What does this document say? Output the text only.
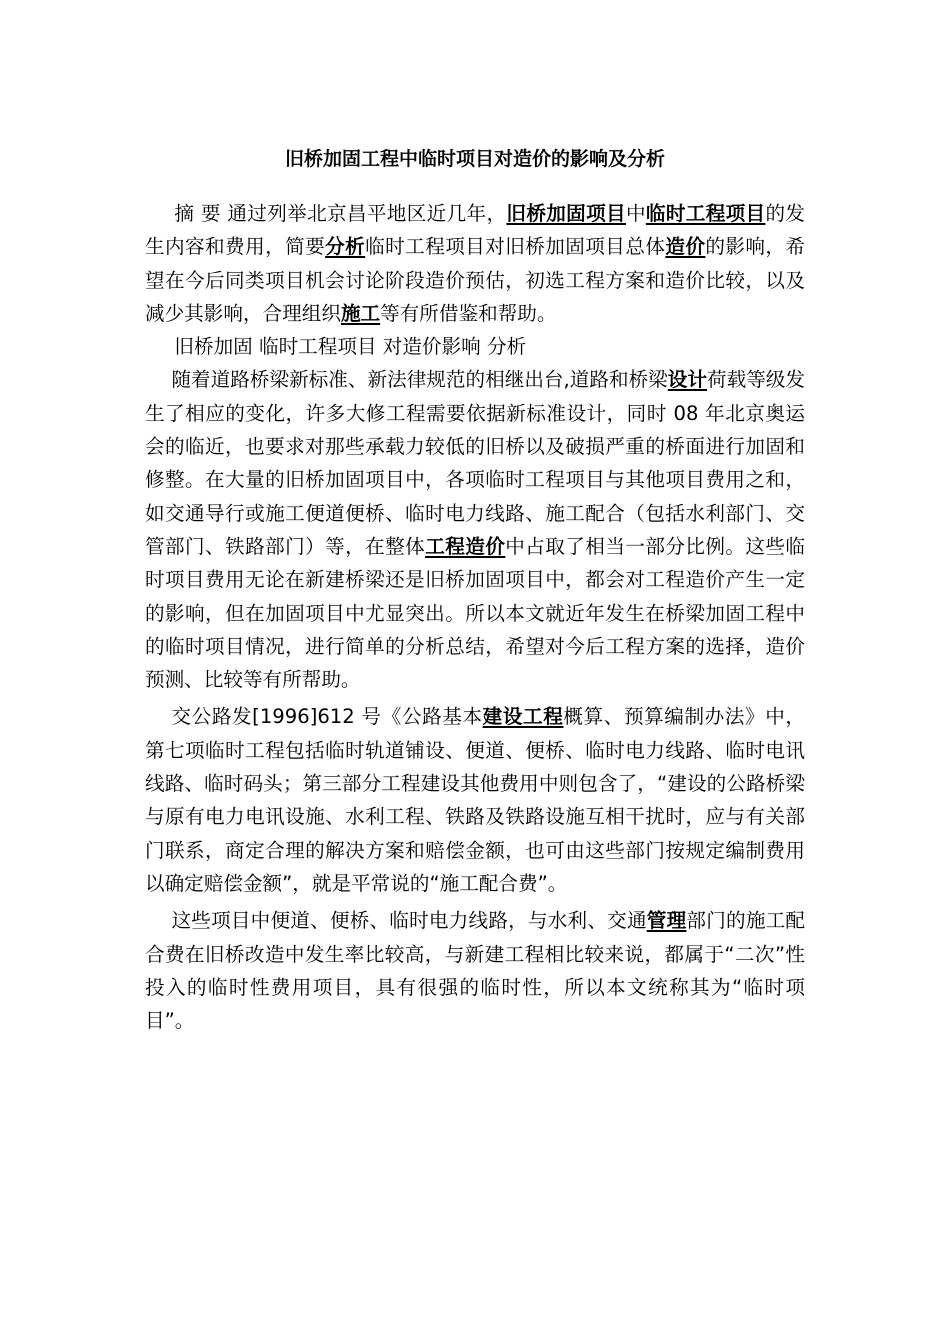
旧桥加固工程中临时项目对造价的影响及分析

摘 要 通过列举北京昌平地区近几年，旧桥加固项目中临时工程项目的发生内容和费用，简要分析临时工程项目对旧桥加固项目总体造价的影响，希望在今后同类项目机会讨论阶段造价预估，初选工程方案和造价比较，以及减少其影响，合理组织施工等有所借鉴和帮助。

旧桥加固 临时工程项目 对造价影响 分析

随着道路桥梁新标准、新法律规范的相继出台,道路和桥梁设计荷载等级发生了相应的变化，许多大修工程需要依据新标准设计，同时 08 年北京奥运会的临近，也要求对那些承载力较低的旧桥以及破损严重的桥面进行加固和修整。在大量的旧桥加固项目中，各项临时工程项目与其他项目费用之和，如交通导行或施工便道便桥、临时电力线路、施工配合（包括水利部门、交管部门、铁路部门）等，在整体工程造价中占取了相当一部分比例。这些临时项目费用无论在新建桥梁还是旧桥加固项目中，都会对工程造价产生一定的影响，但在加固项目中尤显突出。所以本文就近年发生在桥梁加固工程中的临时项目情况，进行简单的分析总结，希望对今后工程方案的选择，造价预测、比较等有所帮助。

交公路发[1996]612 号《公路基本建设工程概算、预算编制办法》中，第七项临时工程包括临时轨道铺设、便道、便桥、临时电力线路、临时电讯线路、临时码头；第三部分工程建设其他费用中则包含了，“建设的公路桥梁与原有电力电讯设施、水利工程、铁路及铁路设施互相干扰时，应与有关部门联系，商定合理的解决方案和赔偿金额，也可由这些部门按规定编制费用以确定赔偿金额”，就是平常说的“施工配合费”。

这些项目中便道、便桥、临时电力线路，与水利、交通管理部门的施工配合费在旧桥改造中发生率比较高，与新建工程相比较来说，都属于“二次”性投入的临时性费用项目，具有很强的临时性，所以本文统称其为“临时项目”。
